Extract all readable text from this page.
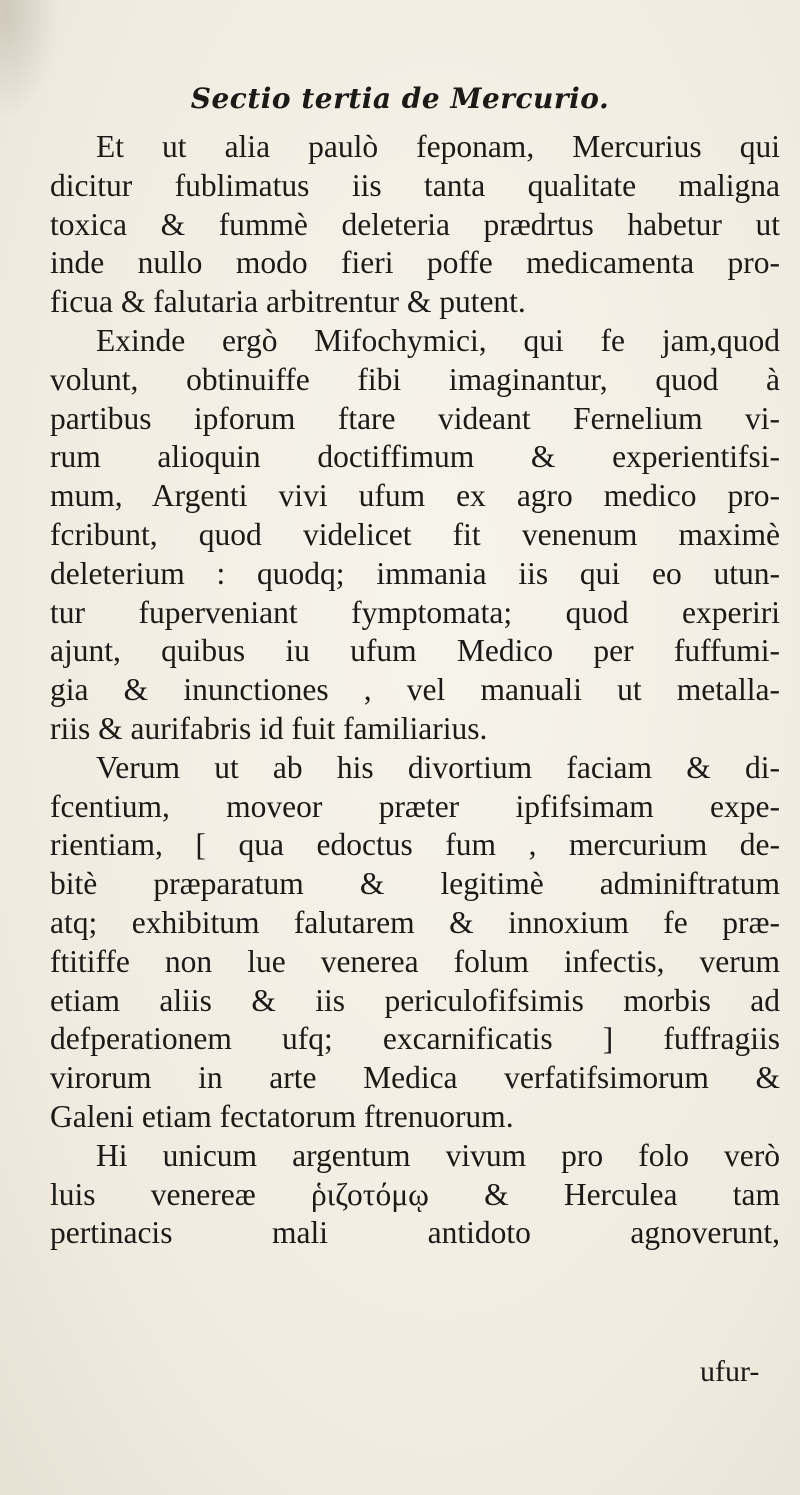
Sectio tertia de Mercurio.
Et ut alia paulò feponam, Mercurius qui
dicitur fublimatus iis tanta qualitate maligna
toxica & fummè deleteria prædrtus habetur ut
inde nullo modo fieri poffe medicamenta pro-
ficua & falutaria arbitrentur & putent.
Exinde ergò Mifochymici, qui fe jam,quod
volunt, obtinuiffe fibi imaginantur, quod à
partibus ipforum ftare videant Fernelium vi-
rum alioquin doctiffimum & experientifsi-
mum, Argenti vivi ufum ex agro medico pro-
fcribunt, quod videlicet fit venenum maximè
deleterium : quodq; immania iis qui eo utun-
tur fuperveniant fymptomata; quod experiri
ajunt, quibus iu ufum Medico per fuffumi-
gia & inunctiones , vel manuali ut metalla-
riis & aurifabris id fuit familiarius.
Verum ut ab his divortium faciam & di-
fcentium, moveor præter ipfifsimam expe-
rientiam, [ qua edoctus fum , mercurium de-
bitè præparatum & legitimè adminiftratum
atq; exhibitum falutarem & innoxium fe præ-
ftitiffe non lue venerea folum infectis, verum
etiam aliis & iis periculofifsimis morbis ad
defperationem ufq; excarnificatis ] fuffragiis
virorum in arte Medica verfatifsimorum &
Galeni etiam fectatorum ftrenuorum.
Hi unicum argentum vivum pro folo verò
luis venereæ ῥιζοτόμῳ & Herculea tam
pertinacis mali antidoto agnoverunt,
ufur-
